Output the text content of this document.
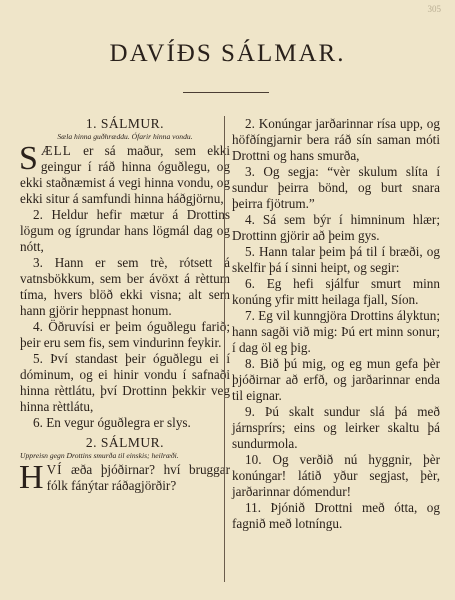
305
DAVÍÐS SÁLMAR.
1. SÁLMUR.
Sæla hinna guðhræddu. Ófarir hinna vondu.

SÆLL er sá maður, sem ekki geingur í ráð hinna óguðlegu, og ekki staðnæmist á vegi hinna vondu, og ekki situr á samfundi hinna háðgjörnu,

2. Heldur hefir mætur á Drottins lögum og ígrundar hans lögmál dag og nótt,

3. Hann er sem trè, rótsett á vatnsbökkum, sem ber ávöxt á rèttum tíma, hvers blöð ekki visna; alt sem hann gjörir heppnast honum.

4. Öðruvísi er þeim óguðlegu farið; þeir eru sem fis, sem vindurinn feykir.

5. Því standast þeir óguðlegu ei í dóminum, og ei hinir vondu í safnaði hinna rèttlátu, því Drottinn þekkir veg hinna rèttlátu,

6. En vegur óguðlegra er slys.

2. SÁLMUR.
Uppreisn gegn Drottins smurða til einskis; heilræði.

HVÍ æða þjóðirnar? hví bruggar fólk fánýtar ráðagjörðir?

2. Konúngar jarðarinnar rísa upp, og höfðíngjarnir bera ráð sín saman móti Drottni og hans smurða,

3. Og segja: “vèr skulum slíta í sundur þeirra bönd, og burt snara þeirra fjötrum.”

4. Sá sem býr í himninum hlær; Drottinn gjörir að þeim gys.

5. Hann talar þeim þá til í bræði, og skelfir þá í sinni heipt, og segir:

6. Eg hefi sjálfur smurt minn konúng yfir mitt heilaga fjall, Síon.

7. Eg vil kunngjöra Drottins ályktun; hann sagði við mig: Þú ert minn sonur; í dag öl eg þig.

8. Bið þú mig, og eg mun gefa þèr þjóðirnar að erfð, og jarðarinnar enda til eignar.

9. Þú skalt sundur slá þá með járnsprírs; eins og leirker skaltu þá sundurmola.

10. Og verðið nú hyggnir, þèr konúngar! látið yður segjast, þèr, jarðarinnar dómendur!

11. Þjónið Drottni með ótta, og fagnið með lotníngu.
